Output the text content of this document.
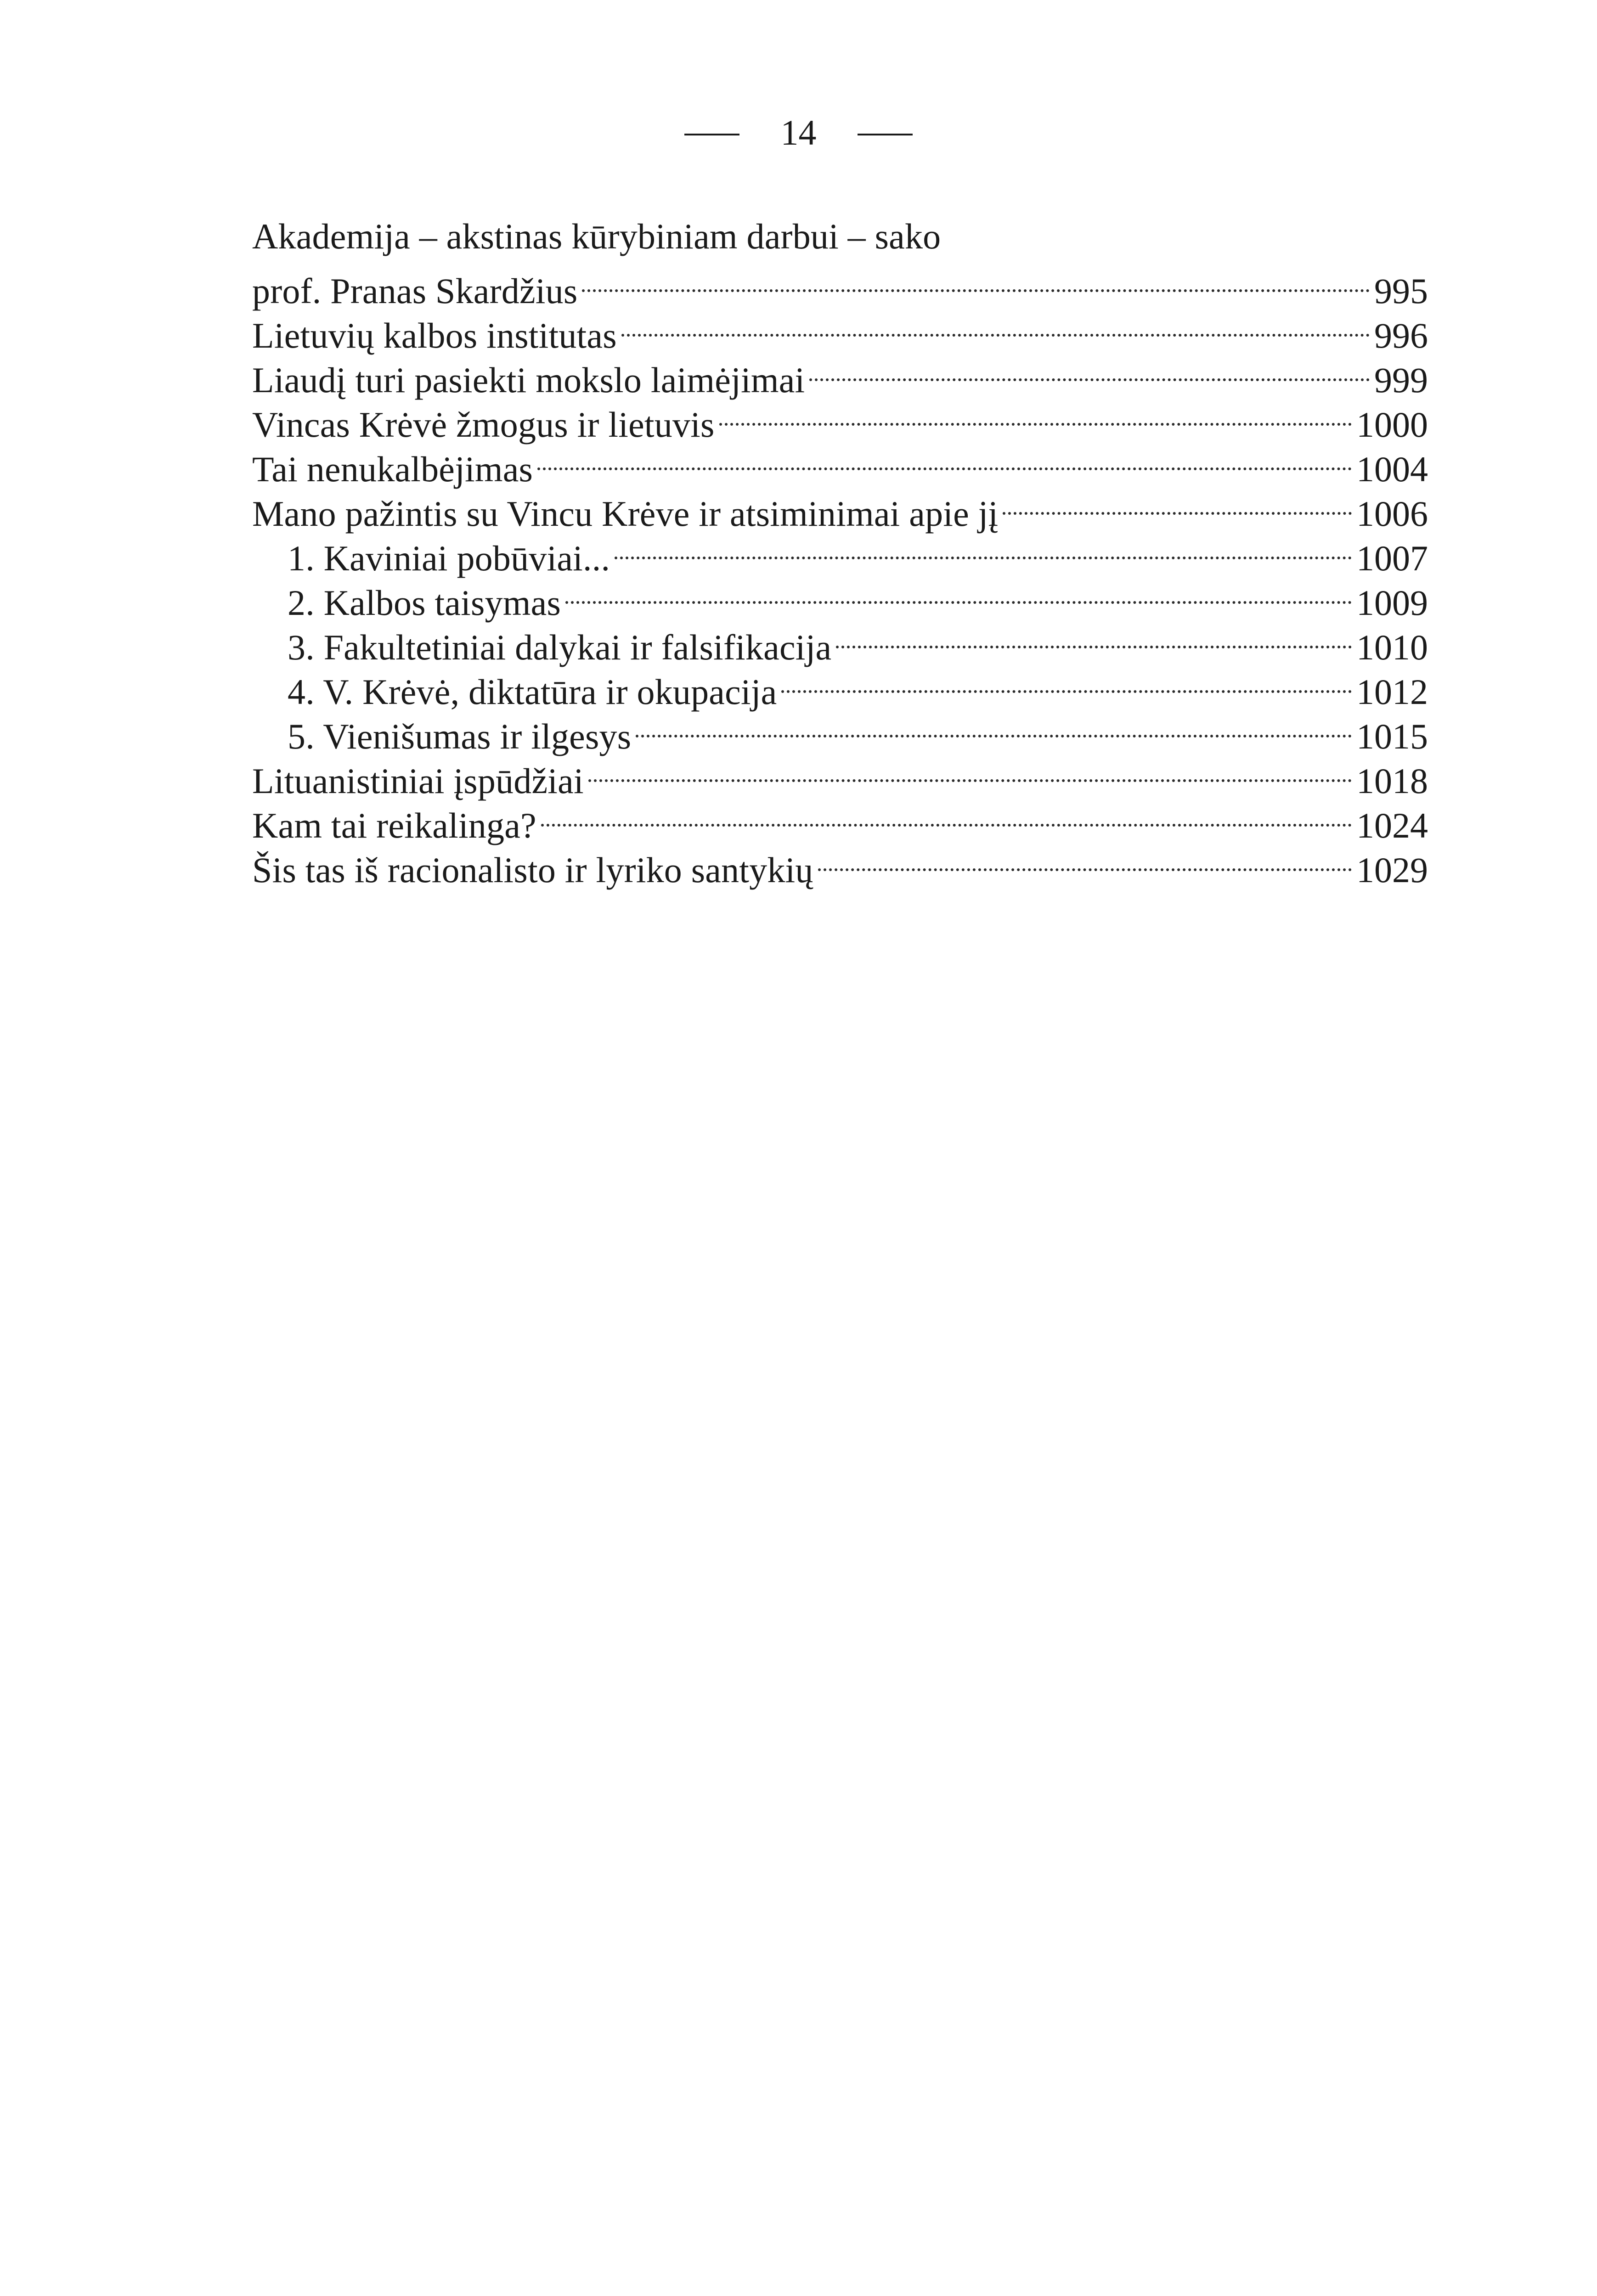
14
Akademija – akstinas kūrybiniam darbui – sako
prof. Pranas Skardžius	995
Lietuvių kalbos institutas	996
Liaudį turi pasiekti mokslo laimėjimai	999
Vincas Krėvė žmogus ir lietuvis	1000
Tai nenukalbėjimas	1004
Mano pažintis su Vincu Krėve ir atsiminimai apie jį	1006
1. Kaviniai pobūviai...	1007
2. Kalbos taisymas	1009
3. Fakultetiniai dalykai ir falsifikacija	1010
4. V. Krėvė, diktatūra ir okupacija	1012
5. Vienišumas ir ilgesys	1015
Lituanistiniai įspūdžiai	1018
Kam tai reikalinga?	1024
Šis tas iš racionalisto ir lyriko santykių	1029
